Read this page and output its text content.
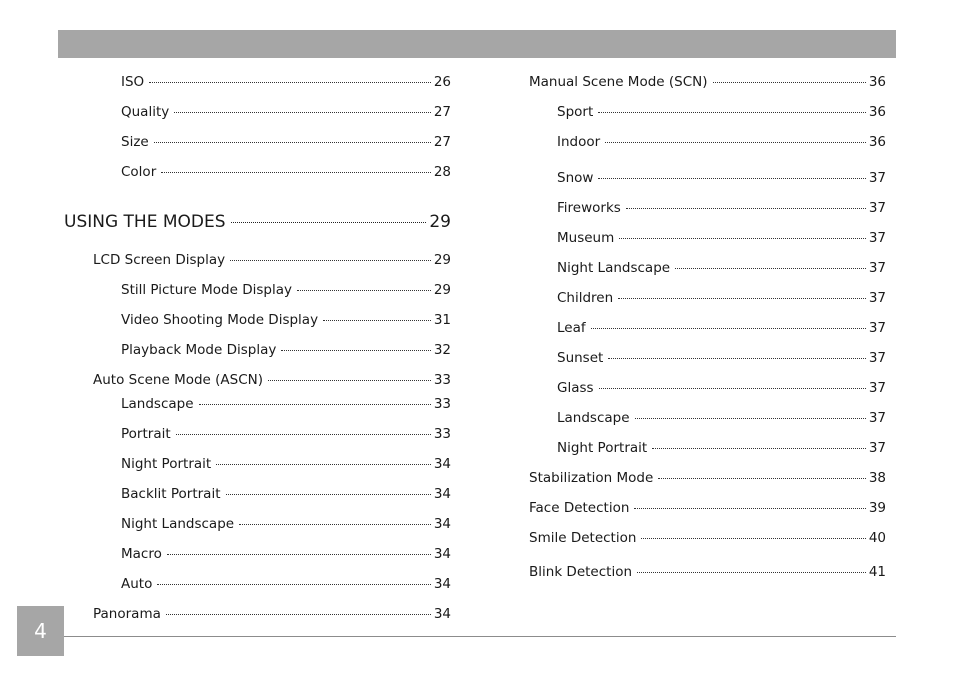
ISO	26
Quality	27
Size	27
Color	28
USING THE MODES	29
LCD Screen Display	29
Still Picture Mode Display	29
Video Shooting Mode Display	31
Playback Mode Display	32
Auto Scene Mode (ASCN)	33
Landscape	33
Portrait	33
Night Portrait	34
Backlit Portrait	34
Night Landscape	34
Macro	34
Auto	34
Panorama	34
Manual Scene Mode (SCN)	36
Sport	36
Indoor	36
Snow	37
Fireworks	37
Museum	37
Night Landscape	37
Children	37
Leaf	37
Sunset	37
Glass	37
Landscape	37
Night Portrait	37
Stabilization Mode	38
Face Detection	39
Smile Detection	40
Blink Detection	41
4
